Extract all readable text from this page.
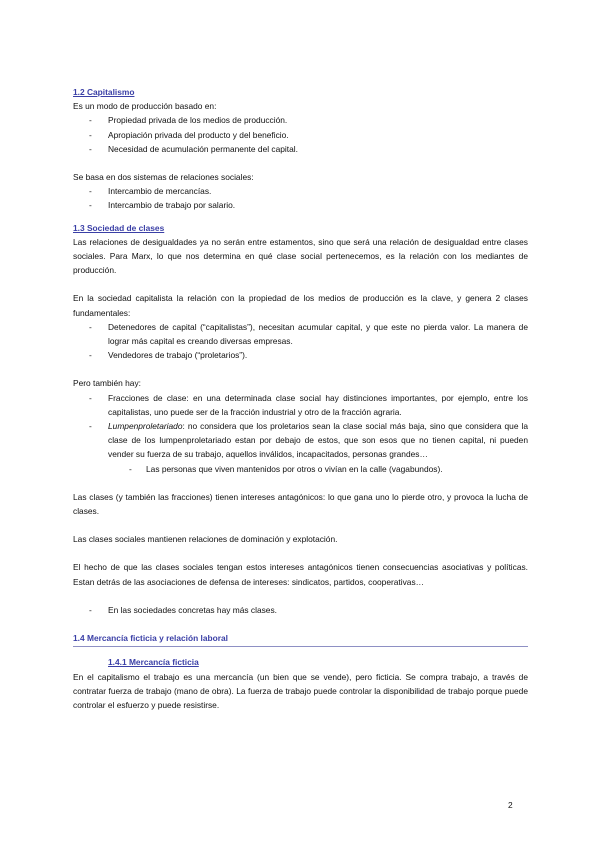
1.2 Capitalismo

Es un modo de producción basado en:

- Propiedad privada de los medios de producción.
- Apropiación privada del producto y del beneficio.
- Necesidad de acumulación permanente del capital.

Se basa en dos sistemas de relaciones sociales:

- Intercambio de mercancías.
- Intercambio de trabajo por salario.

1.3 Sociedad de clases

Las relaciones de desigualdades ya no serán entre estamentos, sino que será una relación de desigualdad entre clases sociales. Para Marx, lo que nos determina en qué clase social pertenecemos, es la relación con los mediantes de producción.

En la sociedad capitalista la relación con la propiedad de los medios de producción es la clave, y genera 2 clases fundamentales:

- Detenedores de capital (“capitalistas”), necesitan acumular capital, y que este no pierda valor. La manera de lograr más capital es creando diversas empresas.
- Vendedores de trabajo (“proletarios”).

Pero también hay:

- Fracciones de clase: en una determinada clase social hay distinciones importantes, por ejemplo, entre los capitalistas, uno puede ser de la fracción industrial y otro de la fracción agraria.
- Lumpenproletariado: no considera que los proletarios sean la clase social más baja, sino que considera que la clase de los lumpenproletariado estan por debajo de estos, que son esos que no tienen capital, ni pueden vender su fuerza de su trabajo, aquellos inválidos, incapacitados, personas grandes…
- Las personas que viven mantenidos por otros o vivían en la calle (vagabundos).

Las clases (y también las fracciones) tienen intereses antagónicos: lo que gana uno lo pierde otro, y provoca la lucha de clases.

Las clases sociales mantienen relaciones de dominación y explotación.

El hecho de que las clases sociales tengan estos intereses antagónicos tienen consecuencias asociativas y políticas. Estan detrás de las asociaciones de defensa de intereses: sindicatos, partidos, cooperativas…

- En las sociedades concretas hay más clases.

1.4 Mercancía ficticia y relación laboral

1.4.1 Mercancía ficticia

En el capitalismo el trabajo es una mercancía (un bien que se vende), pero ficticia. Se compra trabajo, a través de contratar fuerza de trabajo (mano de obra). La fuerza de trabajo puede controlar la disponibilidad de trabajo porque puede controlar el esfuerzo y puede resistirse.

2
